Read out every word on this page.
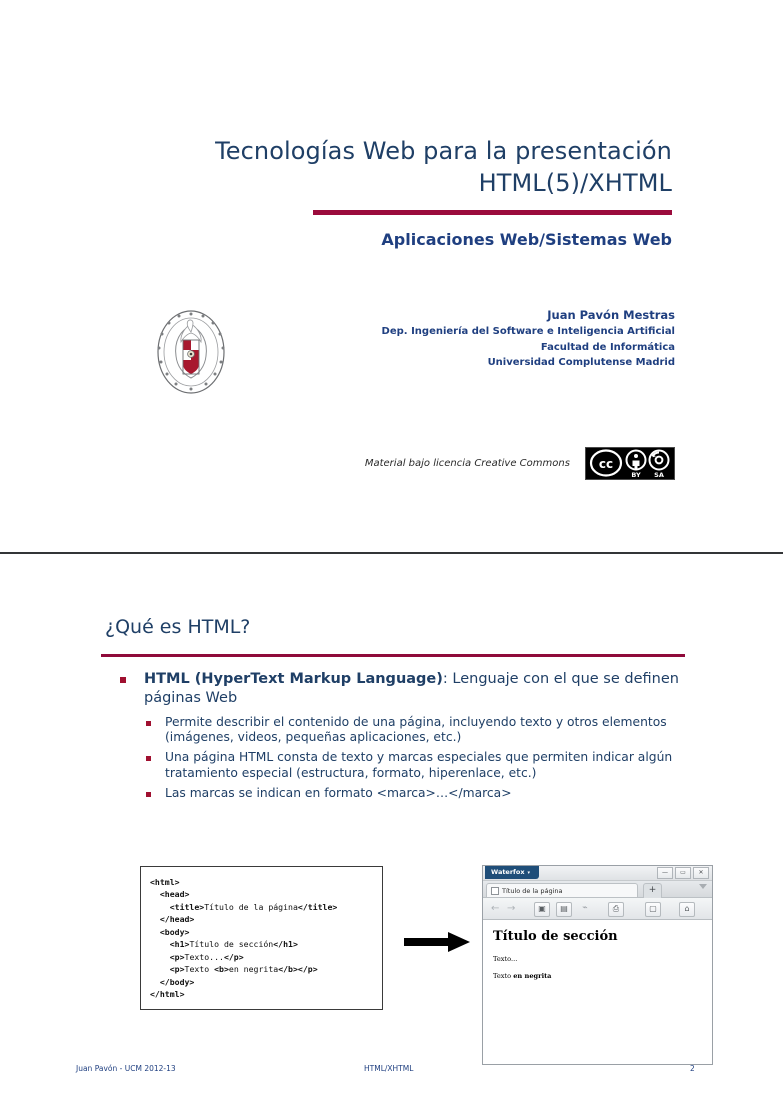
Tecnologías Web para la presentación
HTML(5)/XHTML
Aplicaciones Web/Sistemas Web
Juan Pavón Mestras
Dep. Ingeniería del Software e Inteligencia Artificial
Facultad de Informática
Universidad Complutense Madrid
Material bajo licencia Creative Commons cc
BY SA
¿Qué es HTML?
HTML (HyperText Markup Language): Lenguaje con el que se definen páginas Web
Permite describir el contenido de una página, incluyendo texto y otros elementos (imágenes, videos, pequeñas aplicaciones, etc.)
Una página HTML consta de texto y marcas especiales que permiten indicar algún tratamiento especial (estructura, formato, hiperenlace, etc.)
Las marcas se indican en formato <marca>…</marca>
<html>
<head>
<title>Título de la página</title>
</head>
<body>
<h1>Título de sección</h1>
<p>Texto...</p>
<p>Texto <b>en negrita</b></p>
</body>
</html>
Waterfox ▾	—	▭	✕
Título de la página	+
← →	▣	▤	⌁	⎙	▢	⌂
Título de sección
Texto...
Texto en negrita
Juan Pavón - UCM 2012-13	HTML/XHTML	2
